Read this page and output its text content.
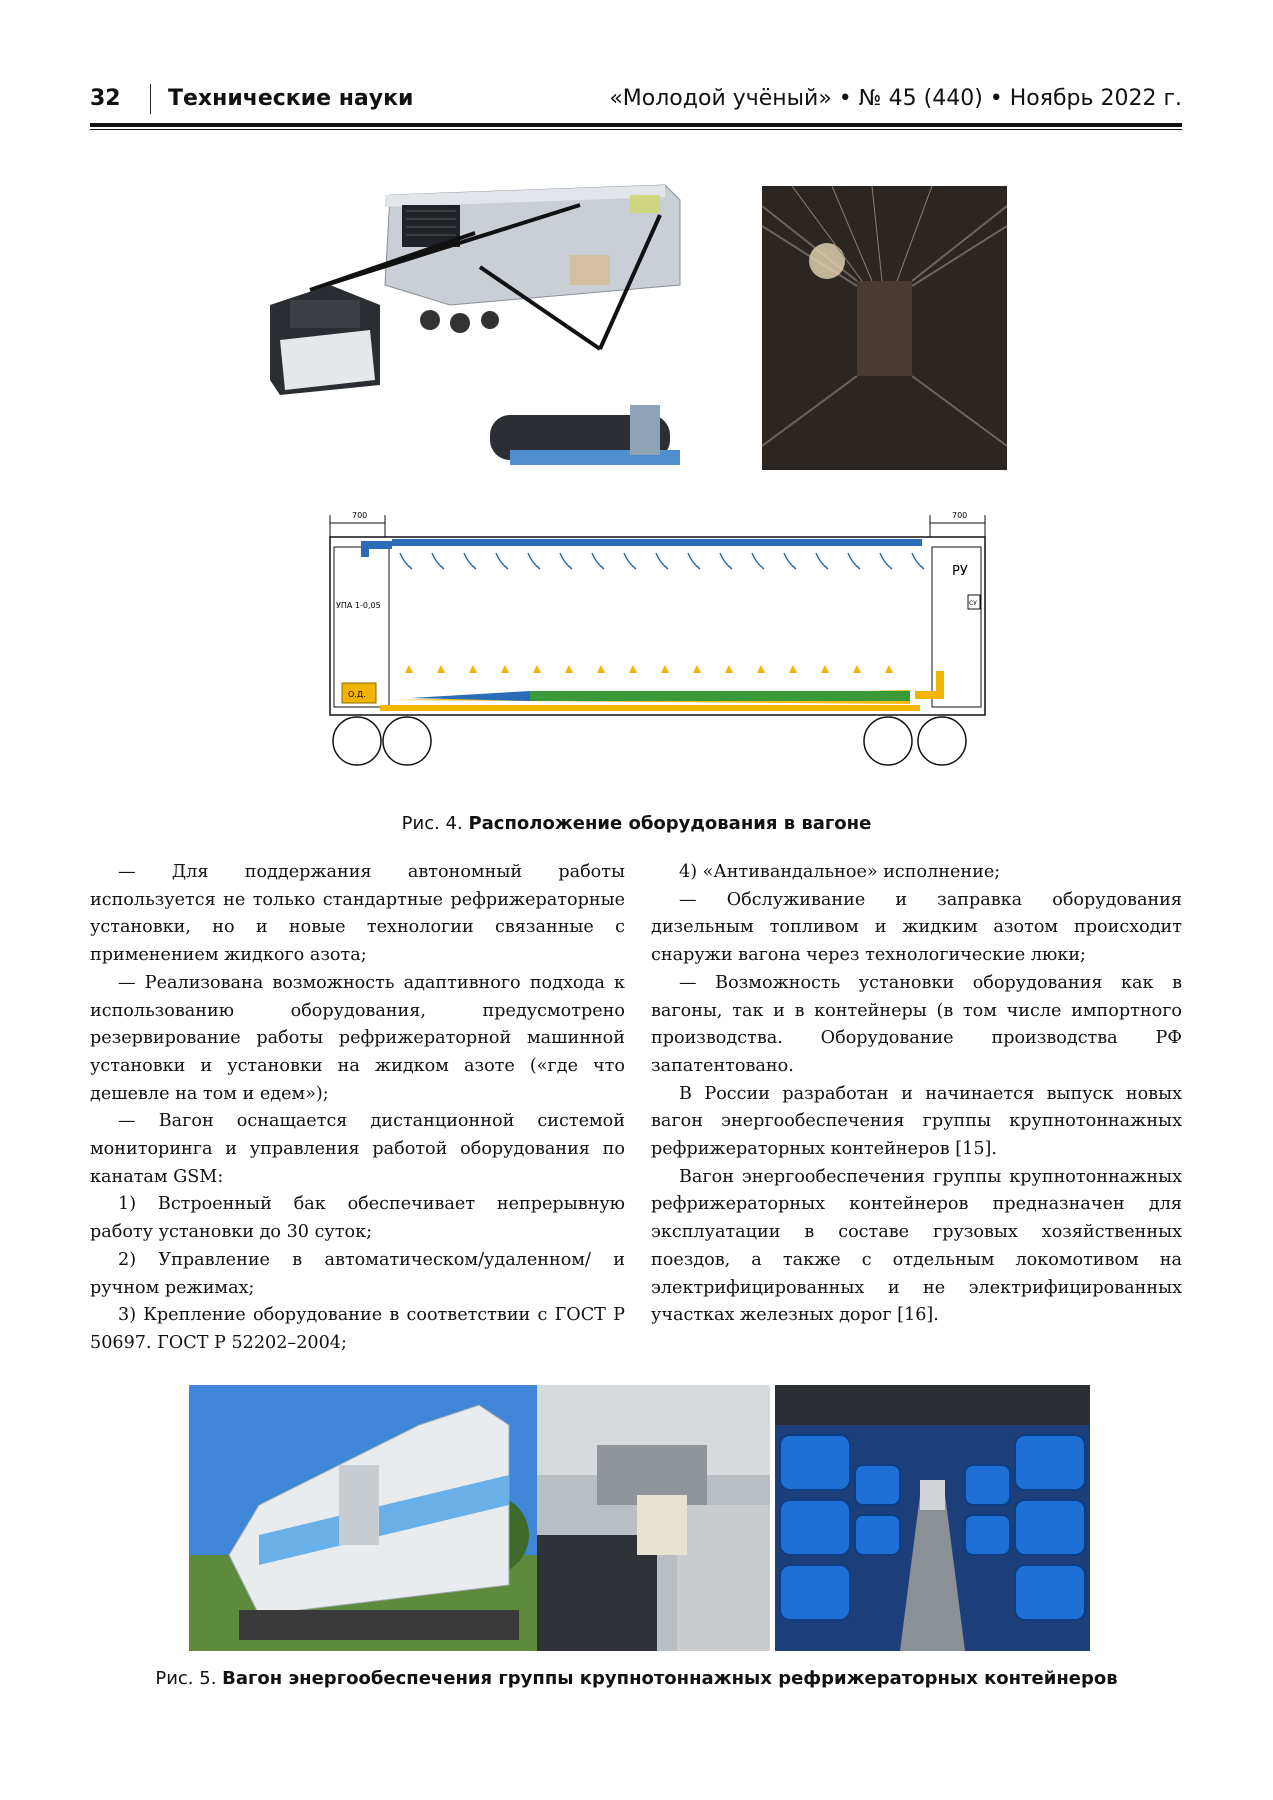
32 Технические науки	«Молодой учёный» • № 45 (440) • Ноябрь 2022 г.
700	700
УПА 1-0,05
РУ
СУ
О.Д.
Рис. 4. Расположение оборудования в вагоне

— Для поддержания автономный работы используется не только стандартные рефрижераторные установки, но и новые технологии связанные с применением жидкого азота;

— Реализована возможность адаптивного подхода к использованию оборудования, предусмотрено резервирование работы рефрижераторной машинной установки и установки на жидком азоте («где что дешевле на том и едем»);

— Вагон оснащается дистанционной системой мониторинга и управления работой оборудования по канатам GSM:

1) Встроенный бак обеспечивает непрерывную работу установки до 30 суток;

2) Управление в автоматическом/удаленном/ и ручном режимах;

3) Крепление оборудование в соответствии с ГОСТ Р 50697. ГОСТ Р 52202–2004;

4) «Антивандальное» исполнение;

— Обслуживание и заправка оборудования дизельным топливом и жидким азотом происходит снаружи вагона через технологические люки;

— Возможность установки оборудования как в вагоны, так и в контейнеры (в том числе импортного производства. Оборудование производства РФ запатентовано.

В России разработан и начинается выпуск новых вагон энергообеспечения группы крупнотоннажных рефрижераторных контейнеров [15].

Вагон энергообеспечения группы крупнотоннажных рефрижераторных контейнеров предназначен для эксплуатации в составе грузовых хозяйственных поездов, а также с отдельным локомотивом на электрифицированных и не электрифицированных участках железных дорог [16].

Рис. 5. Вагон энергообеспечения группы крупнотоннажных рефрижераторных контейнеров
